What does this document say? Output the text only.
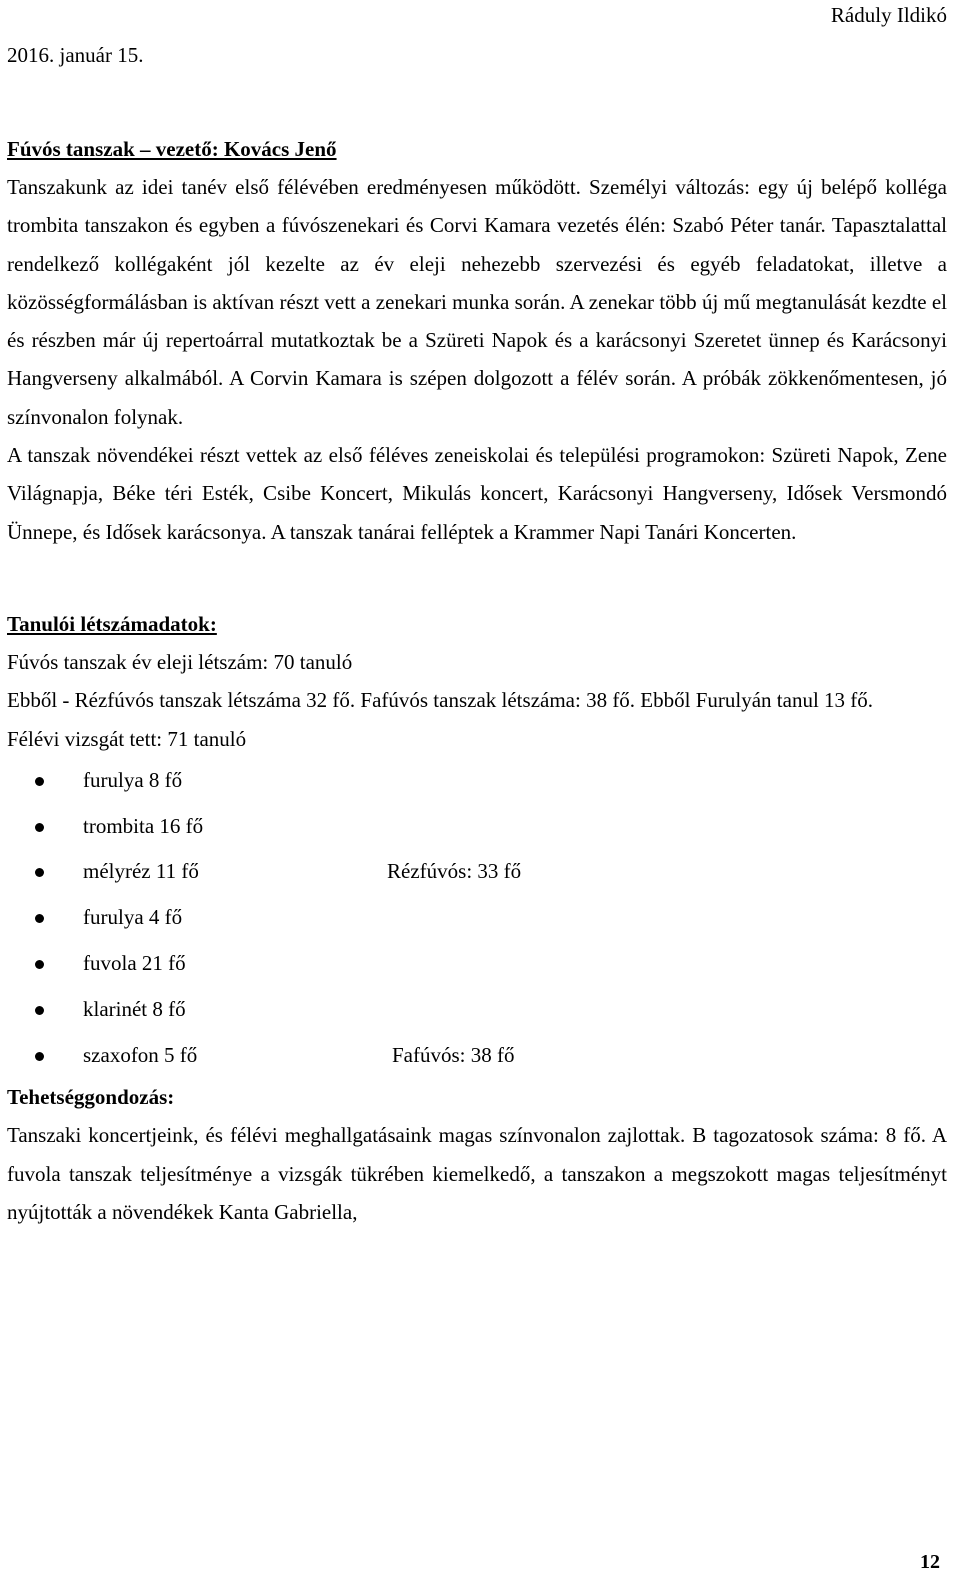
Ráduly Ildikó
2016. január 15.
Fúvós tanszak – vezető: Kovács Jenő

Tanszakunk az idei tanév első félévében eredményesen működött. Személyi változás: egy új belépő kolléga trombita tanszakon és egyben a fúvószenekari és Corvi Kamara vezetés élén: Szabó Péter tanár. Tapasztalattal rendelkező kollégaként jól kezelte az év eleji nehezebb szervezési és egyéb feladatokat, illetve a közösségformálásban is aktívan részt vett a zenekari munka során. A zenekar több új mű megtanulását kezdte el és részben már új repertoárral mutatkoztak be a Szüreti Napok és a karácsonyi Szeretet ünnep és Karácsonyi Hangverseny alkalmából. A Corvin Kamara is szépen dolgozott a félév során. A próbák zökkenőmentesen, jó színvonalon folynak.

A tanszak növendékei részt vettek az első féléves zeneiskolai és települési programokon: Szüreti Napok, Zene Világnapja, Béke téri Esték, Csibe Koncert, Mikulás koncert, Karácsonyi Hangverseny, Idősek Versmondó Ünnepe, és Idősek karácsonya. A tanszak tanárai felléptek a Krammer Napi Tanári Koncerten.

Tanulói létszámadatok:

Fúvós tanszak év eleji létszám: 70 tanuló

Ebből - Rézfúvós tanszak létszáma 32 fő. Fafúvós tanszak létszáma: 38 fő. Ebből Furulyán tanul 13 fő.

Félévi vizsgát tett: 71 tanuló

furulya 8 fő
trombita 16 fő
mélyréz 11 fő	Rézfúvós: 33 fő
furulya 4 fő
fuvola 21 fő
klarinét 8 fő
szaxofon 5 fő	Fafúvós: 38 fő
Tehetséggondozás:

Tanszaki koncertjeink, és félévi meghallgatásaink magas színvonalon zajlottak. B tagozatosok száma: 8 fő. A fuvola tanszak teljesítménye a vizsgák tükrében kiemelkedő, a tanszakon a megszokott magas teljesítményt nyújtották a növendékek Kanta Gabriella,

12
